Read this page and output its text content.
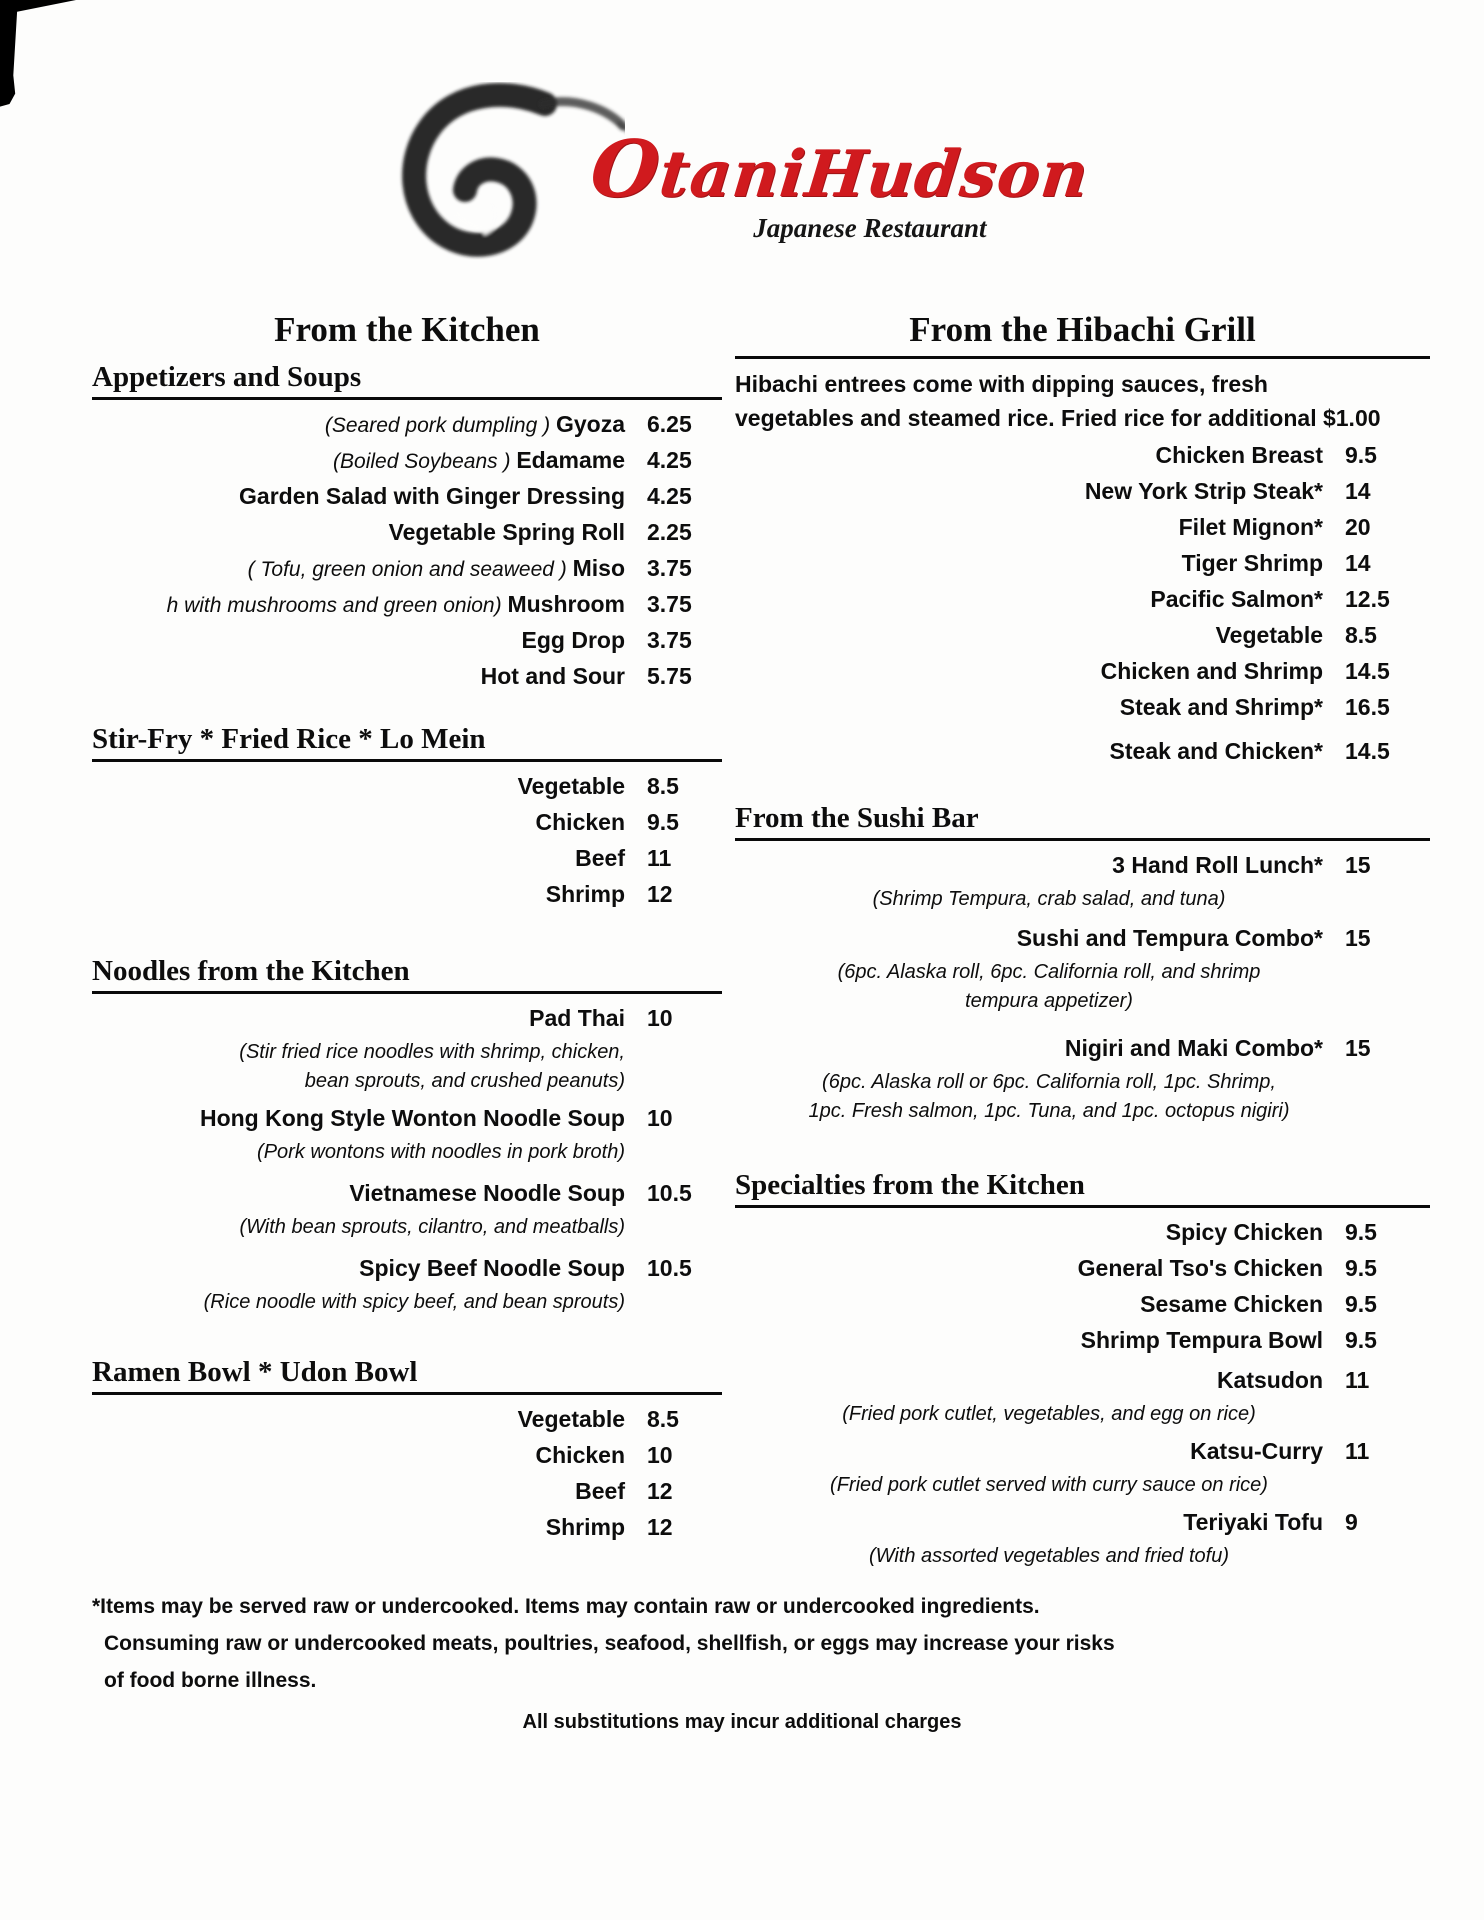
OtaniHudson
Japanese Restaurant
From the Kitchen
Appetizers and Soups
(Seared pork dumpling ) Gyoza 6.25
(Boiled Soybeans ) Edamame 4.25
Garden Salad with Ginger Dressing 4.25
Vegetable Spring Roll 2.25
( Tofu, green onion and seaweed ) Miso 3.75
h with mushrooms and green onion) Mushroom 3.75
Egg Drop 3.75
Hot and Sour 5.75
Stir-Fry * Fried Rice * Lo Mein
Vegetable 8.5
Chicken 9.5
Beef 11
Shrimp 12
Noodles from the Kitchen
Pad Thai 10
(Stir fried rice noodles with shrimp, chicken,
bean sprouts, and crushed peanuts)
Hong Kong Style Wonton Noodle Soup 10
(Pork wontons with noodles in pork broth)
Vietnamese Noodle Soup 10.5
(With bean sprouts, cilantro, and meatballs)
Spicy Beef Noodle Soup 10.5
(Rice noodle with spicy beef, and bean sprouts)
Ramen Bowl * Udon Bowl
Vegetable 8.5
Chicken 10
Beef 12
Shrimp 12
From the Hibachi Grill
Hibachi entrees come with dipping sauces, fresh
vegetables and steamed rice. Fried rice for additional $1.00
Chicken Breast 9.5
New York Strip Steak* 14
Filet Mignon* 20
Tiger Shrimp 14
Pacific Salmon* 12.5
Vegetable 8.5
Chicken and Shrimp 14.5
Steak and Shrimp* 16.5
Steak and Chicken* 14.5
From the Sushi Bar
3 Hand Roll Lunch* 15
(Shrimp Tempura, crab salad, and tuna)
Sushi and Tempura Combo* 15
(6pc. Alaska roll, 6pc. California roll, and shrimp
tempura appetizer)
Nigiri and Maki Combo* 15
(6pc. Alaska roll or 6pc. California roll, 1pc. Shrimp,
1pc. Fresh salmon, 1pc. Tuna, and 1pc. octopus nigiri)
Specialties from the Kitchen
Spicy Chicken 9.5
General Tso's Chicken 9.5
Sesame Chicken 9.5
Shrimp Tempura Bowl 9.5
Katsudon 11
(Fried pork cutlet, vegetables, and egg on rice)
Katsu-Curry 11
(Fried pork cutlet served with curry sauce on rice)
Teriyaki Tofu 9
(With assorted vegetables and fried tofu)
*Items may be served raw or undercooked. Items may contain raw or undercooked ingredients.
Consuming raw or undercooked meats, poultries, seafood, shellfish, or eggs may increase your risks
of food borne illness.
All substitutions may incur additional charges
